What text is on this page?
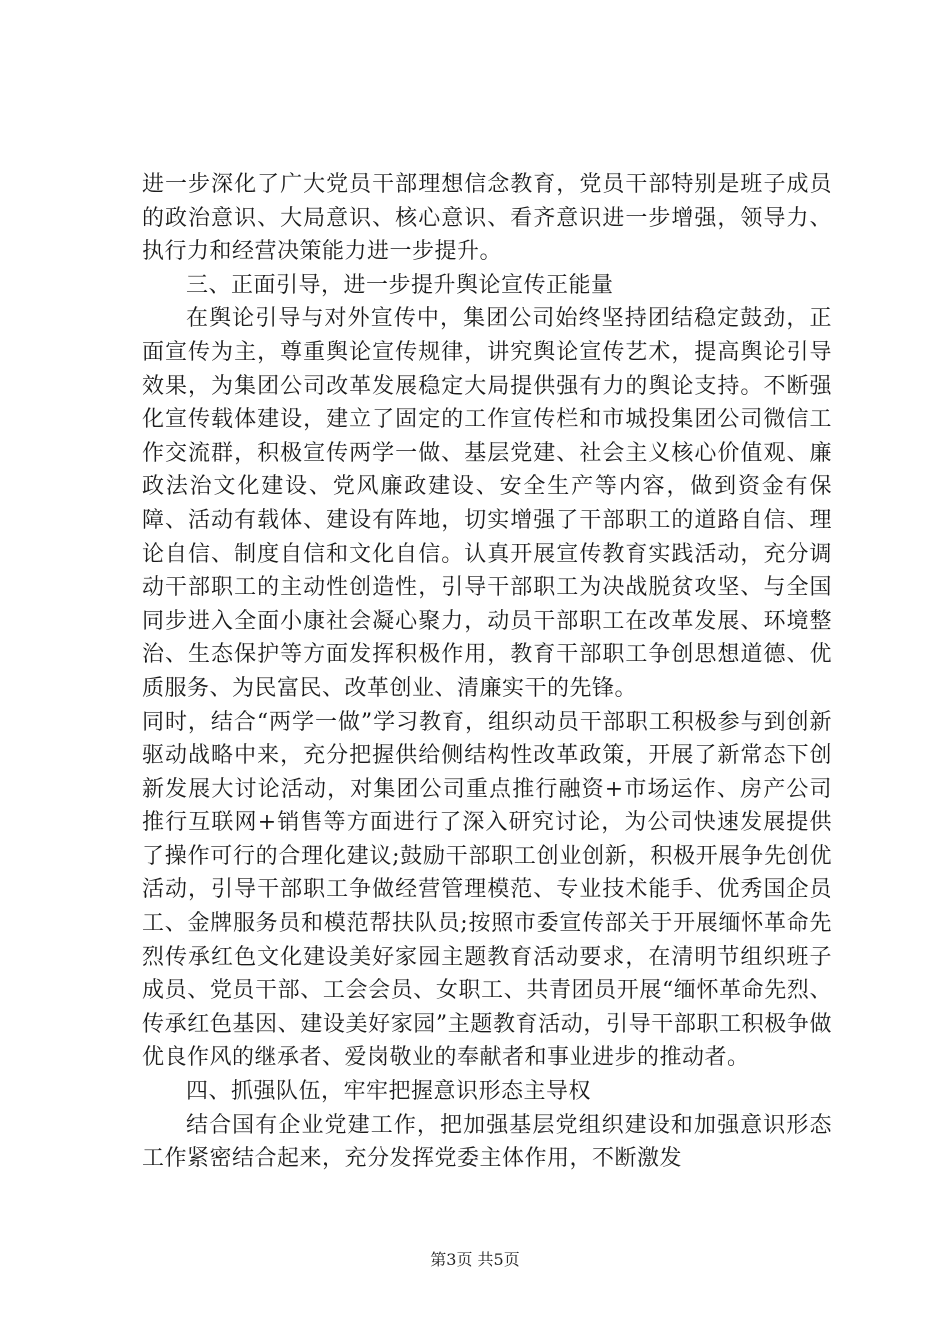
进一步深化了广大党员干部理想信念教育，党员干部特别是班子成员的政治意识、大局意识、核心意识、看齐意识进一步增强，领导力、执行力和经营决策能力进一步提升。

三、正面引导，进一步提升舆论宣传正能量

在舆论引导与对外宣传中，集团公司始终坚持团结稳定鼓劲，正面宣传为主，尊重舆论宣传规律，讲究舆论宣传艺术，提高舆论引导效果，为集团公司改革发展稳定大局提供强有力的舆论支持。不断强化宣传载体建设，建立了固定的工作宣传栏和市城投集团公司微信工作交流群，积极宣传两学一做、基层党建、社会主义核心价值观、廉政法治文化建设、党风廉政建设、安全生产等内容，做到资金有保障、活动有载体、建设有阵地，切实增强了干部职工的道路自信、理论自信、制度自信和文化自信。认真开展宣传教育实践活动，充分调动干部职工的主动性创造性，引导干部职工为决战脱贫攻坚、与全国同步进入全面小康社会凝心聚力，动员干部职工在改革发展、环境整治、生态保护等方面发挥积极作用，教育干部职工争创思想道德、优质服务、为民富民、改革创业、清廉实干的先锋。

同时，结合“两学一做”学习教育，组织动员干部职工积极参与到创新驱动战略中来，充分把握供给侧结构性改革政策，开展了新常态下创新发展大讨论活动，对集团公司重点推行融资+市场运作、房产公司推行互联网+销售等方面进行了深入研究讨论，为公司快速发展提供了操作可行的合理化建议;鼓励干部职工创业创新，积极开展争先创优活动，引导干部职工争做经营管理模范、专业技术能手、优秀国企员工、金牌服务员和模范帮扶队员;按照市委宣传部关于开展缅怀革命先烈传承红色文化建设美好家园主题教育活动要求，在清明节组织班子成员、党员干部、工会会员、女职工、共青团员开展“缅怀革命先烈、传承红色基因、建设美好家园”主题教育活动，引导干部职工积极争做优良作风的继承者、爱岗敬业的奉献者和事业进步的推动者。

四、抓强队伍，牢牢把握意识形态主导权

结合国有企业党建工作，把加强基层党组织建设和加强意识形态工作紧密结合起来，充分发挥党委主体作用，不断激发

第3页 共5页
